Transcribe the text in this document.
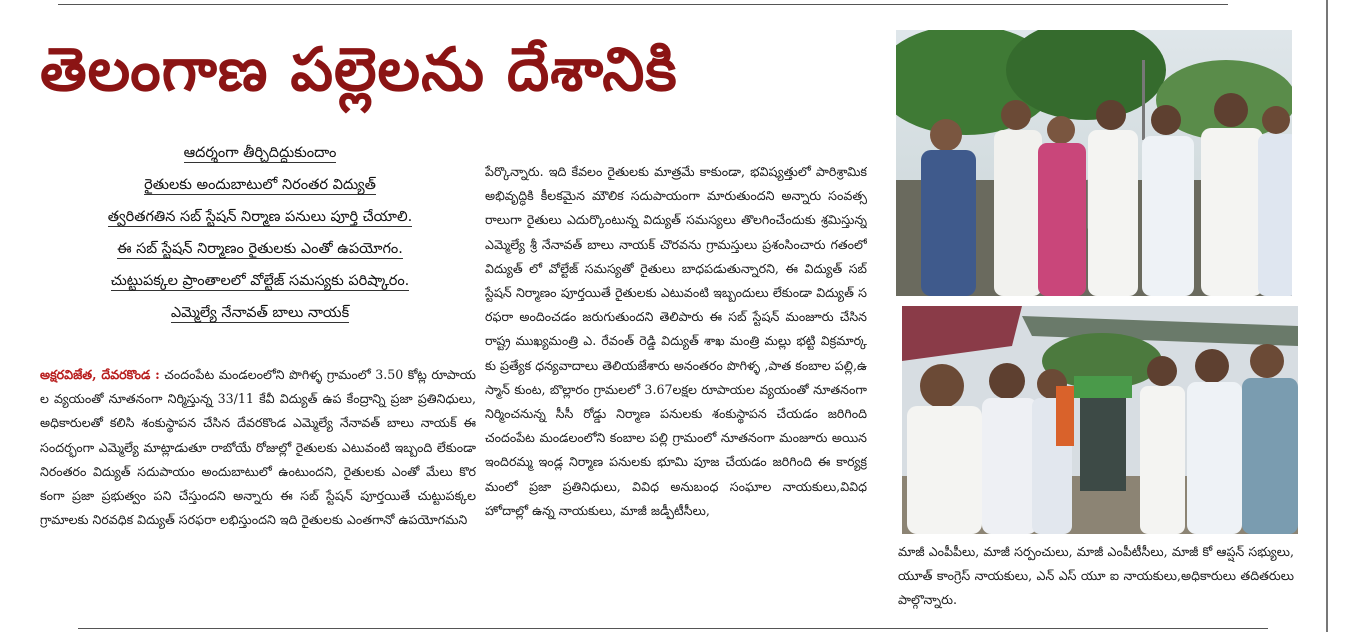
తెలంగాణ పల్లెలను దేశానికి
ఆదర్శంగా తీర్చిదిద్దుకుందాం
రైతులకు అందుబాటులో నిరంతర విద్యుత్
త్వరితగతిన సబ్ స్టేషన్ నిర్మాణ పనులు పూర్తి చేయాలి.
ఈ సబ్ స్టేషన్ నిర్మాణం రైతులకు ఎంతో ఉపయోగం.
చుట్టుపక్కల ప్రాంతాలలో వోల్టేజ్ సమస్యకు పరిష్కారం.
ఎమ్మెల్యే నేనావత్ బాలు నాయక్
అక్షరవిజేత, దేవరకొండ : చందంపేట మండలంలోని పొగిళ్ళ గ్రామంలో 3.50 కోట్ల రూపాయల వ్యయంతో నూతనంగా నిర్మిస్తున్న 33/11 కేవీ విద్యుత్ ఉప కేంద్రాన్ని ప్రజా ప్రతినిధులు, అధికారులతో కలిసి శంకుస్థాపన చేసిన దేవరకొండ ఎమ్మెల్యే నేనావత్ బాలు నాయక్ ఈ సందర్భంగా ఎమ్మెల్యే మాట్లాడుతూ రాబోయే రోజుల్లో రైతులకు ఎటువంటి ఇబ్బంది లేకుండా నిరంతరం విద్యుత్ సదుపాయం అందుబాటులో ఉంటుందని, రైతులకు ఎంతో మేలు కొరకంగా ప్రజా ప్రభుత్వం పని చేస్తుందని అన్నారు ఈ సబ్ స్టేషన్ పూర్తయితే చుట్టుపక్కల గ్రామాలకు నిరవధిక విద్యుత్ సరఫరా లభిస్తుందని ఇది రైతులకు ఎంతగానో ఉపయోగమని
పేర్కొన్నారు. ఇది కేవలం రైతులకు మాత్రమే కాకుండా, భవిష్యత్తులో పారిశ్రామిక అభివృద్ధికి కీలకమైన మౌలిక సదుపాయంగా మారుతుందని అన్నారు సంవత్సరాలుగా రైతులు ఎదుర్కొంటున్న విద్యుత్ సమస్యలు తొలగించేందుకు శ్రమిస్తున్న ఎమ్మెల్యే శ్రీ నేనావత్ బాలు నాయక్ చొరవను గ్రామస్తులు ప్రశంసించారు గతంలో విద్యుత్ లో వోల్టేజ్ సమస్యతో రైతులు బాధపడుతున్నారని, ఈ విద్యుత్ సబ్ స్టేషన్ నిర్మాణం పూర్తయితే రైతులకు ఎటువంటి ఇబ్బందులు లేకుండా విద్యుత్ సరఫరా అందించడం జరుగుతుందని తెలిపారు ఈ సబ్ స్టేషన్ మంజూరు చేసిన రాష్ట్ర ముఖ్యమంత్రి ఎ. రేవంత్ రెడ్డి విద్యుత్ శాఖ మంత్రి మల్లు భట్టి విక్రమార్క కు ప్రత్యేక ధన్యవాదాలు తెలియజేశారు అనంతరం పొగిళ్ళ ,పాత కంబాల పల్లి,ఉస్మాన్ కుంట, బొల్లారం గ్రామలలో 3.67లక్షల రూపాయల వ్యయంతో నూతనంగా నిర్మించనున్న సీసీ రోడ్డు నిర్మాణ పనులకు శంకుస్థాపన చేయడం జరిగింది చందంపేట మండలంలోని కంబాల పల్లి గ్రామంలో నూతనంగా మంజూరు అయిన ఇందిరమ్మ ఇండ్ల నిర్మాణ పనులకు భూమి పూజ చేయడం జరిగింది ఈ కార్యక్రమంలో ప్రజా ప్రతినిధులు, వివిధ అనుబంధ సంఘాల నాయకులు,వివిధ హోదాల్లో ఉన్న నాయకులు, మాజీ జడ్పీటీసీలు,
మాజీ ఎంపీపీలు, మాజీ సర్పంచులు, మాజీ ఎంపీటీసీలు, మాజీ కో ఆప్షన్ సభ్యులు,యూత్ కాంగ్రెస్ నాయకులు, ఎన్ ఎస్ యూ ఐ నాయకులు,అధికారులు తదితరులు పాల్గొన్నారు.
